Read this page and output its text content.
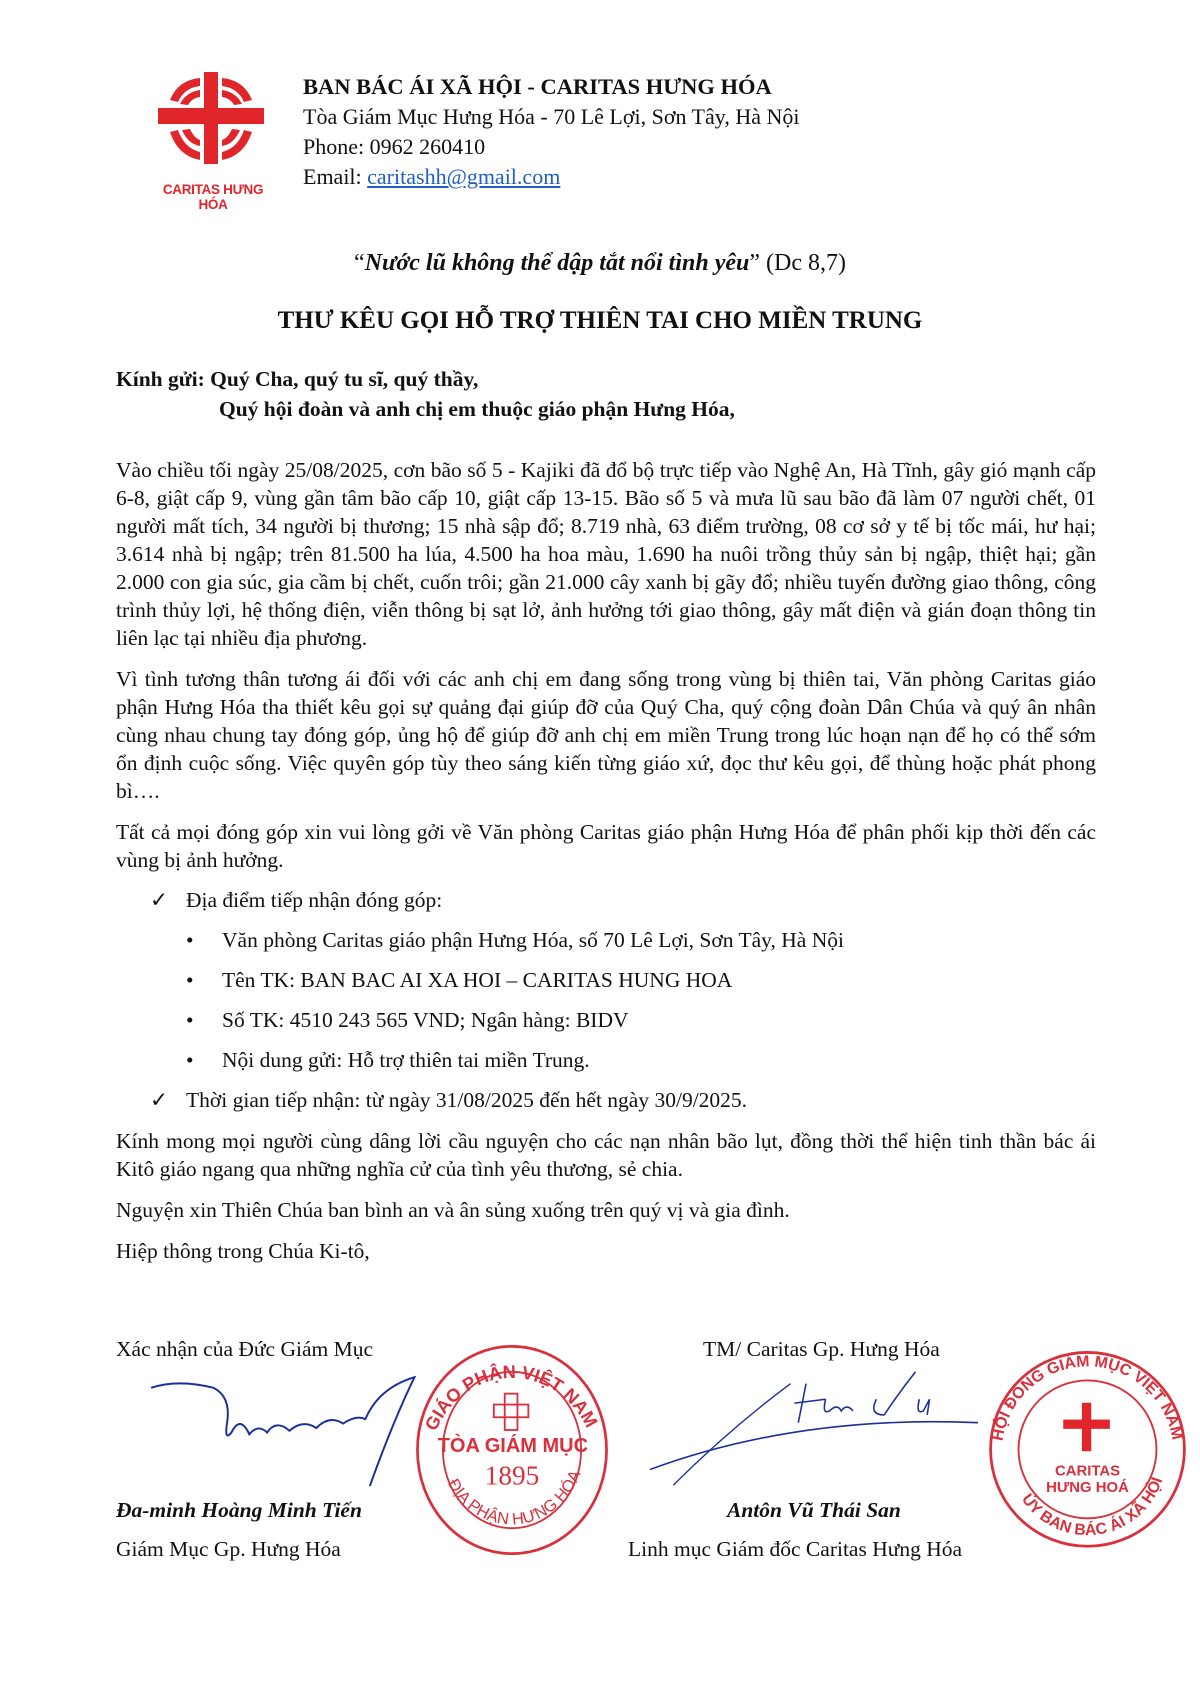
CARITAS HƯNG HÓA
BAN BÁC ÁI XÃ HỘI - CARITAS HƯNG HÓA
Tòa Giám Mục Hưng Hóa - 70 Lê Lợi, Sơn Tây, Hà Nội
Phone: 0962 260410
Email: caritashh@gmail.com
“Nước lũ không thể dập tắt nổi tình yêu” (Dc 8,7)
THƯ KÊU GỌI HỖ TRỢ THIÊN TAI CHO MIỀN TRUNG
Kính gửi: Quý Cha, quý tu sĩ, quý thầy,
Quý hội đoàn và anh chị em thuộc giáo phận Hưng Hóa,

Vào chiều tối ngày 25/08/2025, cơn bão số 5 - Kajiki đã đổ bộ trực tiếp vào Nghệ An, Hà Tĩnh, gây gió mạnh cấp 6-8, giật cấp 9, vùng gần tâm bão cấp 10, giật cấp 13-15. Bão số 5 và mưa lũ sau bão đã làm 07 người chết, 01 người mất tích, 34 người bị thương; 15 nhà sập đổ; 8.719 nhà, 63 điểm trường, 08 cơ sở y tế bị tốc mái, hư hại; 3.614 nhà bị ngập; trên 81.500 ha lúa, 4.500 ha hoa màu, 1.690 ha nuôi trồng thủy sản bị ngập, thiệt hại; gần 2.000 con gia súc, gia cầm bị chết, cuốn trôi; gần 21.000 cây xanh bị gãy đổ; nhiều tuyến đường giao thông, công trình thủy lợi, hệ thống điện, viễn thông bị sạt lở, ảnh hưởng tới giao thông, gây mất điện và gián đoạn thông tin liên lạc tại nhiều địa phương.

Vì tình tương thân tương ái đối với các anh chị em đang sống trong vùng bị thiên tai, Văn phòng Caritas giáo phận Hưng Hóa tha thiết kêu gọi sự quảng đại giúp đỡ của Quý Cha, quý cộng đoàn Dân Chúa và quý ân nhân cùng nhau chung tay đóng góp, ủng hộ để giúp đỡ anh chị em miền Trung trong lúc hoạn nạn để họ có thể sớm ổn định cuộc sống. Việc quyên góp tùy theo sáng kiến từng giáo xứ, đọc thư kêu gọi, để thùng hoặc phát phong bì….

Tất cả mọi đóng góp xin vui lòng gởi về Văn phòng Caritas giáo phận Hưng Hóa để phân phối kịp thời đến các vùng bị ảnh hưởng.

✓ Địa điểm tiếp nhận đóng góp:
• Văn phòng Caritas giáo phận Hưng Hóa, số 70 Lê Lợi, Sơn Tây, Hà Nội
• Tên TK: BAN BAC AI XA HOI – CARITAS HUNG HOA
• Số TK: 4510 243 565 VND; Ngân hàng: BIDV
• Nội dung gửi: Hỗ trợ thiên tai miền Trung.
✓ Thời gian tiếp nhận: từ ngày 31/08/2025 đến hết ngày 30/9/2025.

Kính mong mọi người cùng dâng lời cầu nguyện cho các nạn nhân bão lụt, đồng thời thể hiện tinh thần bác ái Kitô giáo ngang qua những nghĩa cử của tình yêu thương, sẻ chia.

Nguyện xin Thiên Chúa ban bình an và ân sủng xuống trên quý vị và gia đình.

Hiệp thông trong Chúa Ki-tô,

GIÁO PHẬN VIỆT NAM
ĐỊA PHẬN HƯNG HÓA
TÒA GIÁM MỤC
1895
HỘI ĐỒNG GIÁM MỤC VIỆT NAM
ỦY BAN BÁC ÁI XÃ HỘI
CARITAS
HƯNG HOÁ
Xác nhận của Đức Giám Mục
Đa-minh Hoàng Minh Tiến
Giám Mục Gp. Hưng Hóa
TM/ Caritas Gp. Hưng Hóa
Antôn Vũ Thái San
Linh mục Giám đốc Caritas Hưng Hóa
